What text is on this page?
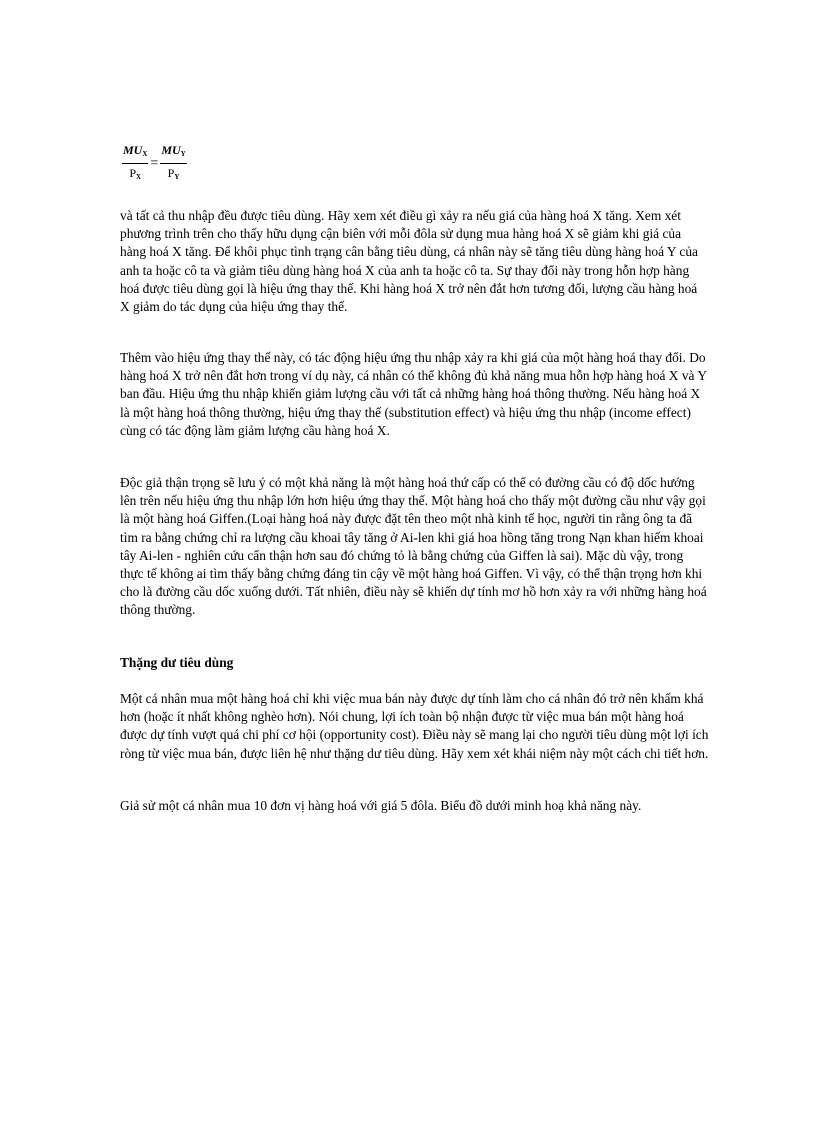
$\frac{MU_X}{P_X} = \frac{MU_Y}{P_Y}$
và tất cả thu nhập đều được tiêu dùng. Hãy xem xét điều gì xảy ra nếu giá của hàng hoá X tăng. Xem xét phương trình trên cho thấy hữu dụng cận biên với mỗi đôla sử dụng mua hàng hoá X sẽ giảm khi giá của hàng hoá X tăng. Để khôi phục tình trạng cân bằng tiêu dùng, cá nhân này sẽ tăng tiêu dùng hàng hoá Y của anh ta hoặc cô ta và giảm tiêu dùng hàng hoá X của anh ta hoặc cô ta. Sự thay đổi này trong hỗn hợp hàng hoá được tiêu dùng gọi là hiệu ứng thay thế. Khi hàng hoá X trở nên đắt hơn tương đối, lượng cầu hàng hoá X giảm do tác dụng của hiệu ứng thay thế.
Thêm vào hiệu ứng thay thế này, có tác động hiệu ứng thu nhập xảy ra khi giá của một hàng hoá thay đổi. Do hàng hoá X trở nên đắt hơn trong ví dụ này, cá nhân có thể không đủ khả năng mua hỗn hợp hàng hoá X và Y ban đầu. Hiệu ứng thu nhập khiến giảm lượng cầu với tất cả những hàng hoá thông thường. Nếu hàng hoá X là một hàng hoá thông thường, hiệu ứng thay thế (substitution effect) và hiệu ứng thu nhập (income effect) cùng có tác động làm giảm lượng cầu hàng hoá X.
Độc giả thận trọng sẽ lưu ý có một khả năng là một hàng hoá thứ cấp có thể có đường cầu có độ dốc hướng lên trên nếu hiệu ứng thu nhập lớn hơn hiệu ứng thay thế. Một hàng hoá cho thấy một đường cầu như vậy gọi là một hàng hoá Giffen.(Loại hàng hoá này được đặt tên theo một nhà kinh tế học, người tin rằng ông ta đã tìm ra bằng chứng chỉ ra lượng cầu khoai tây tăng ở Ai-len khi giá hoa hồng tăng trong Nạn khan hiếm khoai tây Ai-len - nghiên cứu cẩn thận hơn sau đó chứng tỏ là bằng chứng của Giffen là sai). Mặc dù vậy, trong thực tế không ai tìm thấy bằng chứng đáng tin cậy về một hàng hoá Giffen. Vì vậy, có thể thận trọng hơn khi cho là đường cầu dốc xuống dưới. Tất nhiên, điều này sẽ khiến dự tính mơ hồ hơn xảy ra với những hàng hoá thông thường.
Thặng dư tiêu dùng
Một cá nhân mua một hàng hoá chỉ khi việc mua bán này được dự tính làm cho cá nhân đó trở nên khấm khá hơn (hoặc ít nhất không nghèo hơn). Nói chung, lợi ích toàn bộ nhận được từ việc mua bán một hàng hoá được dự tính vượt quá chi phí cơ hội (opportunity cost). Điều này sẽ mang lại cho người tiêu dùng một lợi ích ròng từ việc mua bán, được liên hệ như thặng dư tiêu dùng. Hãy xem xét khái niệm này một cách chi tiết hơn.
Giả sử một cá nhân mua 10 đơn vị hàng hoá với giá 5 đôla. Biểu đồ dưới minh hoạ khả năng này.
